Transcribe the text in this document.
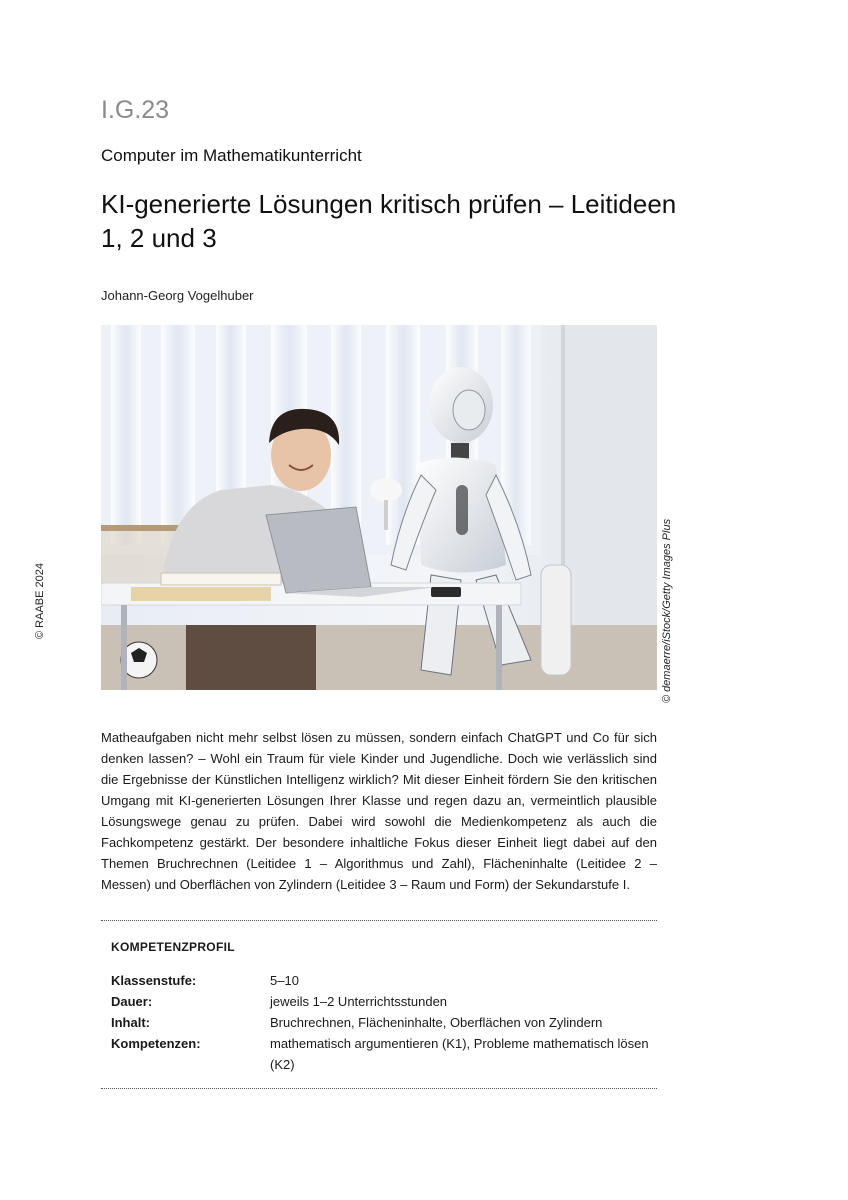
I.G.23
Computer im Mathematikunterricht
KI-generierte Lösungen kritisch prüfen – Leitideen 1, 2 und 3
Johann-Georg Vogelhuber
© RAABE 2024	© demaerre/iStock/Getty Images Plus

Matheaufgaben nicht mehr selbst lösen zu müssen, sondern einfach ChatGPT und Co für sich denken lassen? – Wohl ein Traum für viele Kinder und Jugendliche. Doch wie verlässlich sind die Ergebnisse der Künstlichen Intelligenz wirklich? Mit dieser Einheit fördern Sie den kritischen Umgang mit KI-generierten Lösungen Ihrer Klasse und regen dazu an, vermeintlich plausible Lösungswege genau zu prüfen. Dabei wird sowohl die Medienkompetenz als auch die Fachkompetenz gestärkt. Der besondere inhaltliche Fokus dieser Einheit liegt dabei auf den Themen Bruchrechnen (Leitidee 1 – Algorithmus und Zahl), Flächeninhalte (Leitidee 2 – Messen) und Oberflächen von Zylindern (Leitidee 3 – Raum und Form) der Sekundarstufe I.

KOMPETENZPROFIL
Klassenstufe:	5–10
Dauer:	jeweils 1–2 Unterrichtsstunden
Inhalt:	Bruchrechnen, Flächeninhalte, Oberflächen von Zylindern
Kompetenzen:	mathematisch argumentieren (K1), Probleme mathematisch lösen (K2)
